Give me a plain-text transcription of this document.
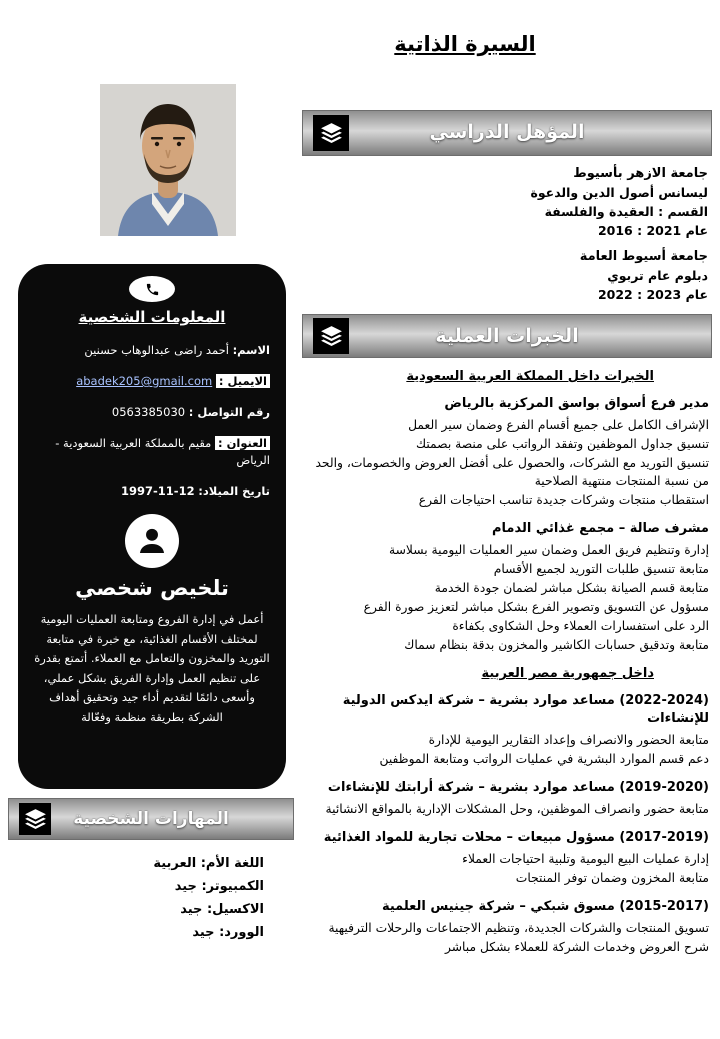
السيرة الذاتية
المؤهل الدراسي
جامعة الازهر بأسيوط
ليسانس أصول الدين والدعوة
القسم : العقيدة والفلسفة
عام 2021 : 2016
جامعة أسيوط العامة
دبلوم عام تربوي
عام 2023 : 2022
الخبرات العملية
الخبرات داخل المملكة العربية السعودية
مدير فرع أسواق بواسق المركزية بالرياض
الإشراف الكامل على جميع أقسام الفرع وضمان سير العمل
تنسيق جداول الموظفين وتفقد الرواتب على منصة بصمتك
تنسيق التوريد مع الشركات، والحصول على أفضل العروض والخصومات، والحد من نسبة المنتجات منتهية الصلاحية
استقطاب منتجات وشركات جديدة تناسب احتياجات الفرع
مشرف صالة – مجمع غذائي الدمام
إدارة وتنظيم فريق العمل وضمان سير العمليات اليومية بسلاسة
متابعة تنسيق طلبات التوريد لجميع الأقسام
متابعة قسم الصيانة بشكل مباشر لضمان جودة الخدمة
مسؤول عن التسويق وتصوير الفرع بشكل مباشر لتعزيز صورة الفرع
الرد على استفسارات العملاء وحل الشكاوى بكفاءة
متابعة وتدقيق حسابات الكاشير والمخزون بدقة بنظام سماك
داخل جمهورية مصر العربية
(2022-2024) مساعد موارد بشرية – شركة ايدكس الدولية للإنشاءات
متابعة الحضور والانصراف وإعداد التقارير اليومية للإدارة
دعم قسم الموارد البشرية في عمليات الرواتب ومتابعة الموظفين
(2019-2020) مساعد موارد بشرية – شركة أرابتك للإنشاءات
متابعة حضور وانصراف الموظفين، وحل المشكلات الإدارية بالمواقع الانشائية
(2017-2019) مسؤول مبيعات – محلات تجارية للمواد الغذائية
إدارة عمليات البيع اليومية وتلبية احتياجات العملاء
متابعة المخزون وضمان توفر المنتجات
(2015-2017) مسوق شبكي – شركة جينيس العلمية
تسويق المنتجات والشركات الجديدة، وتنظيم الاجتماعات والرحلات الترفيهية
شرح العروض وخدمات الشركة للعملاء بشكل مباشر
المعلومات الشخصية
الاسم: أحمد راضى عبدالوهاب حسنين
الايميل : abadek205@gmail.com
رقم التواصل : 0563385030
العنوان : مقيم بالمملكة العربية السعودية - الرياض
تاريخ الميلاد: 12-11-1997
تلخيص شخصي

أعمل في إدارة الفروع ومتابعة العمليات اليومية لمختلف الأقسام الغذائية، مع خبرة في متابعة التوريد والمخزون والتعامل مع العملاء. أتمتع بقدرة على تنظيم العمل وإدارة الفريق بشكل عملي، وأسعى دائمًا لتقديم أداء جيد وتحقيق أهداف الشركة بطريقة منظمة وفعّالة

المهارات الشخصية
اللغة الأم: العربية
الكمبيوتر: جيد
الاكسيل: جيد
الوورد: جيد
